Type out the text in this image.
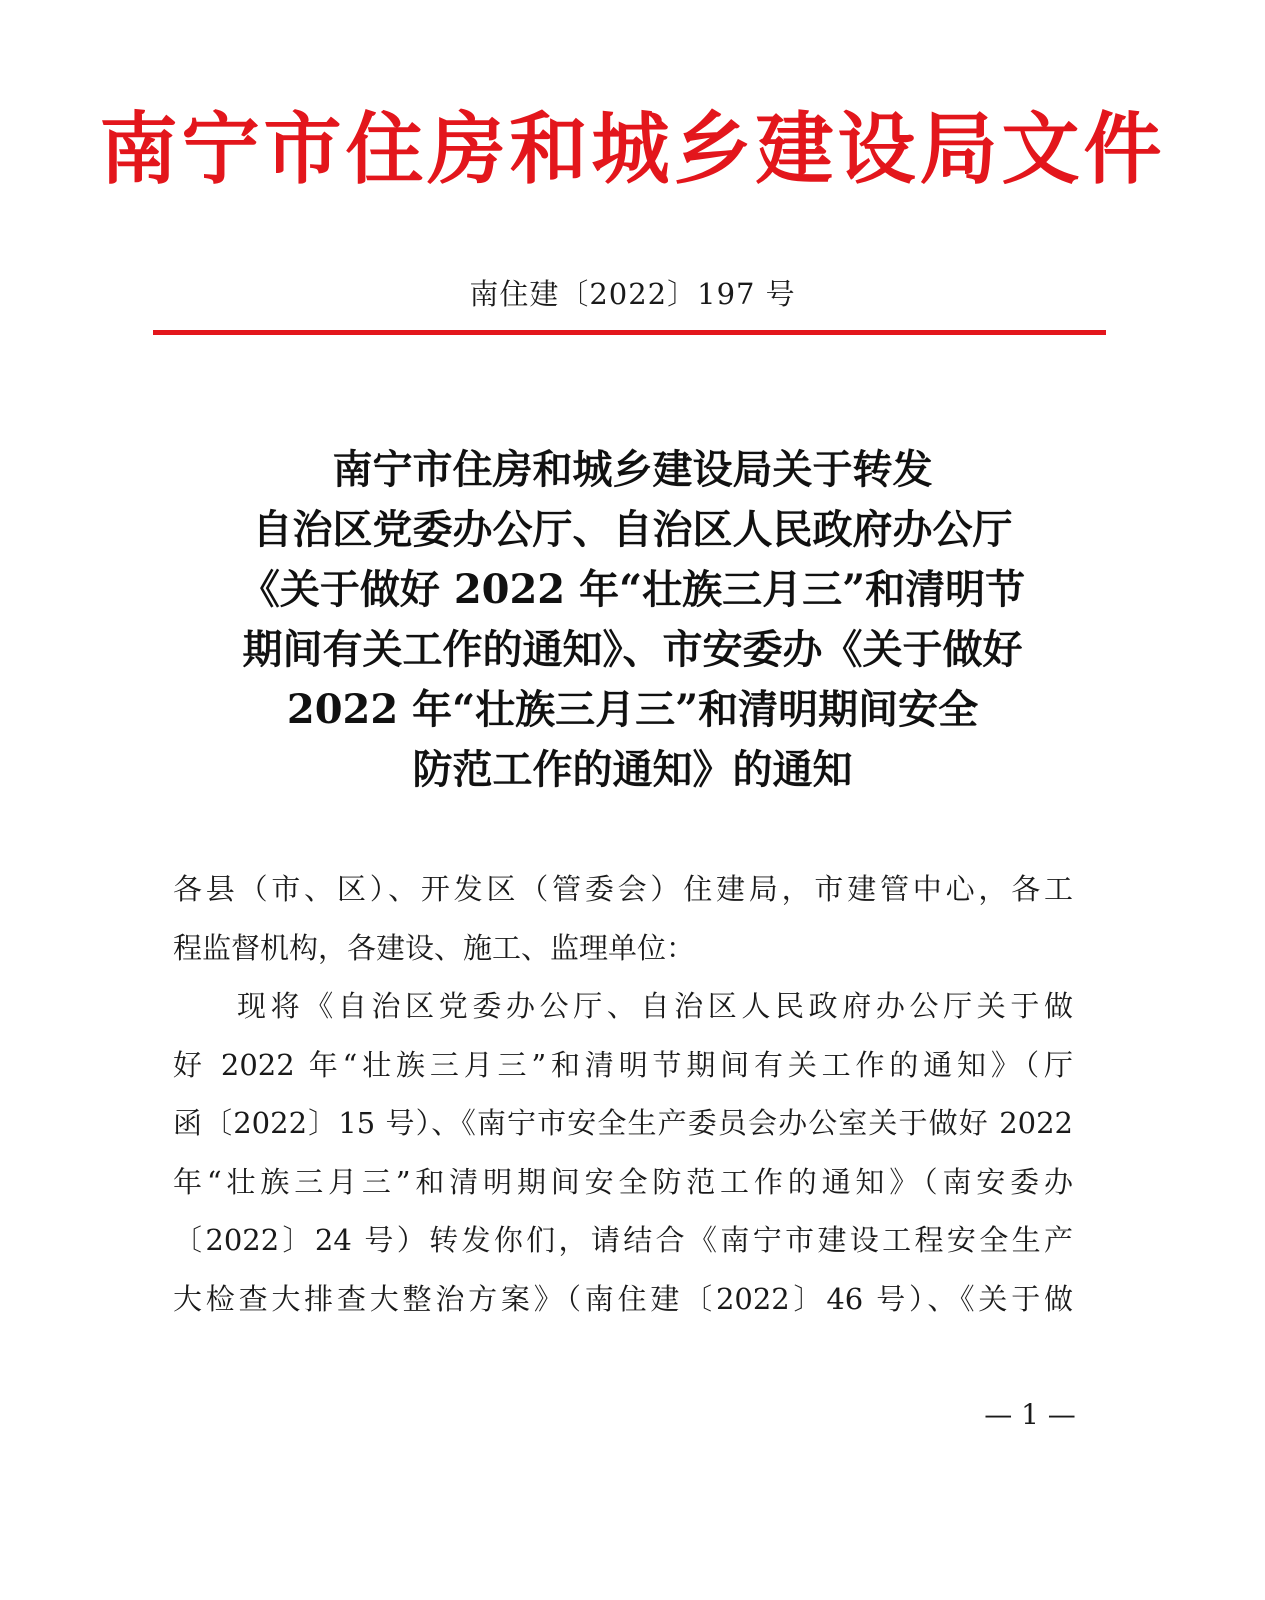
南宁市住房和城乡建设局文件
南住建〔2022〕197 号
南宁市住房和城乡建设局关于转发
自治区党委办公厅、自治区人民政府办公厅
《关于做好 2022 年“壮族三月三”和清明节
期间有关工作的通知》、市安委办《关于做好
2022 年“壮族三月三”和清明期间安全
防范工作的通知》的通知
各县（市、区）、开发区（管委会）住建局，市建管中心，各工
程监督机构，各建设、施工、监理单位：
现将《自治区党委办公厅、自治区人民政府办公厅关于做
好 2022 年“壮族三月三”和清明节期间有关工作的通知》（厅
函〔2022〕15 号）、《南宁市安全生产委员会办公室关于做好 2022
年“壮族三月三”和清明期间安全防范工作的通知》（南安委办
〔2022〕24 号）转发你们，请结合《南宁市建设工程安全生产
大检查大排查大整治方案》（南住建〔2022〕46 号）、《关于做
— 1 —
